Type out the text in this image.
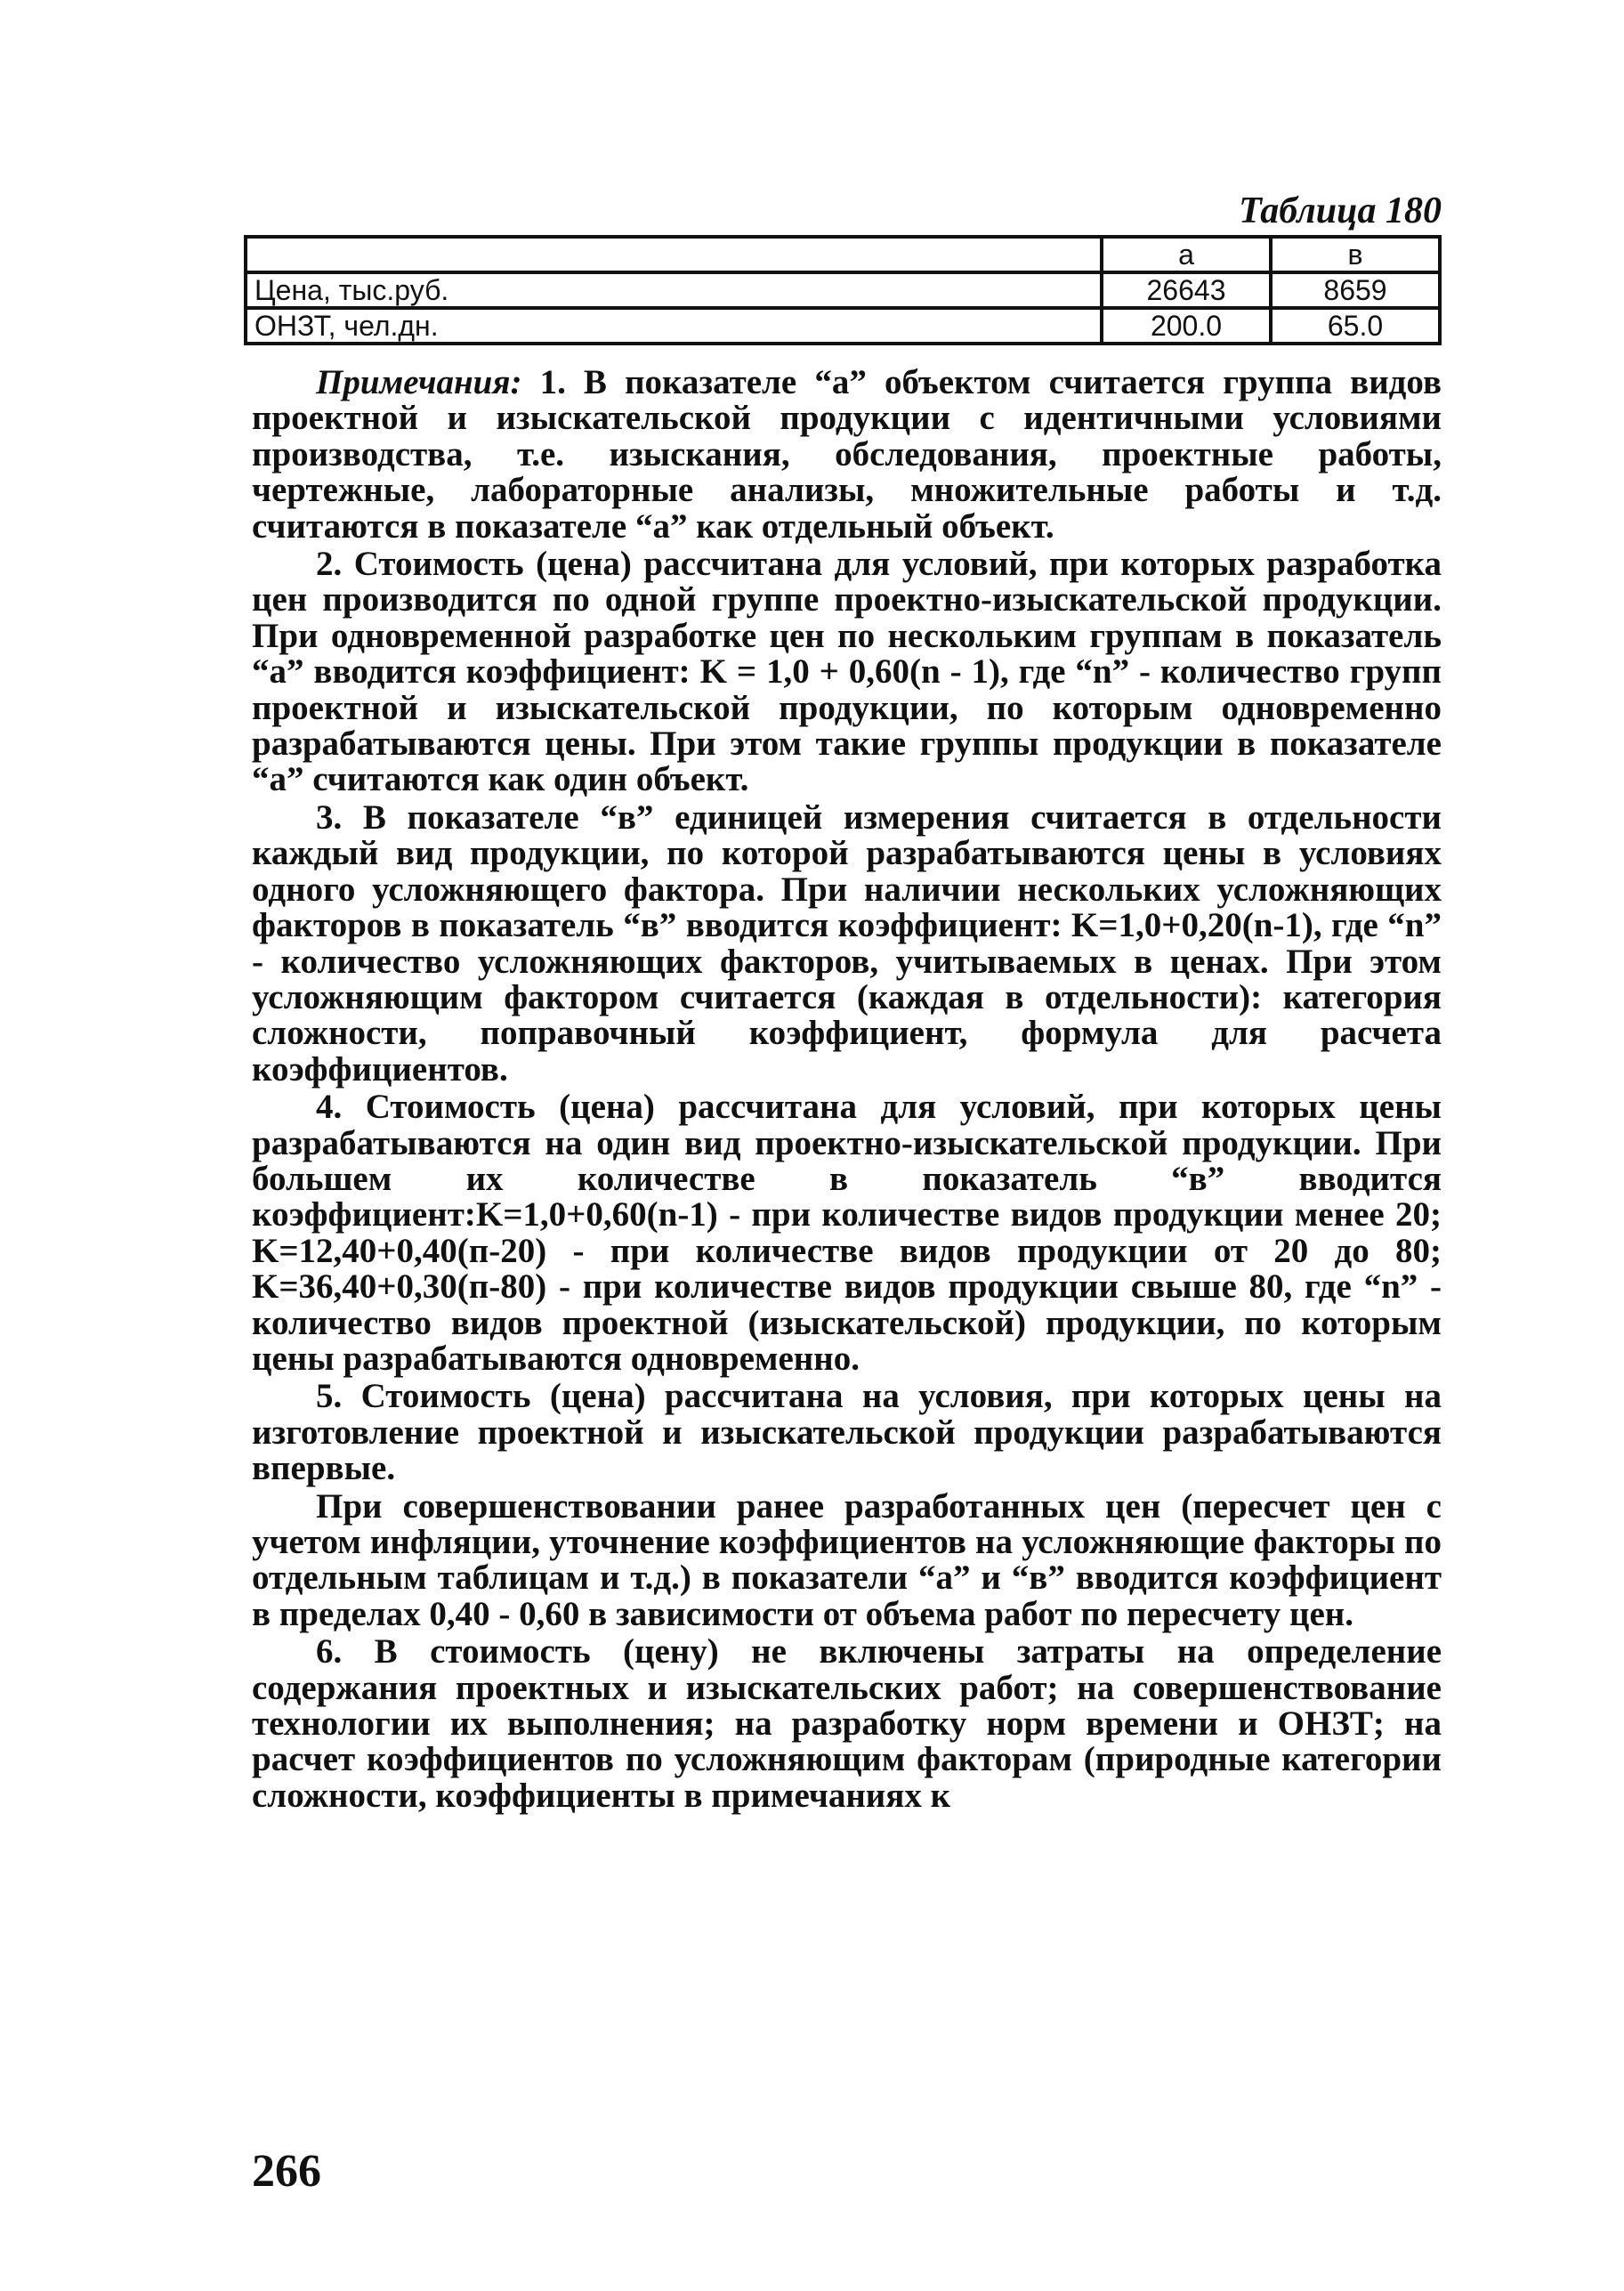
Таблица 180
	а	в
Цена, тыс.руб.	26643	8659
ОНЗТ, чел.дн.	200.0	65.0

Примечания: 1. В показателе “а” объектом считается группа видов проектной и изыскательской продукции с идентичными условиями производства, т.е. изыскания, обследования, проектные работы, чертежные, лабораторные анализы, множительные работы и т.д. считаются в показателе “а” как отдельный объект.

2. Стоимость (цена) рассчитана для условий, при которых разработка цен производится по одной группе проектно-изыскательской продукции. При одновременной разработке цен по нескольким группам в показатель “а” вводится коэффициент: K = 1,0 + 0,60(n - 1), где “n” - количество групп проектной и изыскательской продукции, по которым одновременно разрабатываются цены. При этом такие группы продукции в показателе “а” считаются как один объект.

3. В показателе “в” единицей измерения считается в отдельности каждый вид продукции, по которой разрабатываются цены в условиях одного усложняющего фактора. При наличии нескольких усложняющих факторов в показатель “в” вводится коэффициент: K=1,0+0,20(n-1), где “n” - количество усложняющих факторов, учитываемых в ценах. При этом усложняющим фактором считается (каждая в отдельности): категория сложности, поправочный коэффициент, формула для расчета коэффициентов.

4. Стоимость (цена) рассчитана для условий, при которых цены разрабатываются на один вид проектно-изыскательской продукции. При большем их количестве в показатель “в” вводится коэффициент:K=1,0+0,60(n-1) - при количестве видов продукции менее 20; K=12,40+0,40(п-20) - при количестве видов продукции от 20 до 80; K=36,40+0,30(п-80) - при количестве видов продукции свыше 80, где “n” - количество видов проектной (изыскательской) продукции, по которым цены разрабатываются одновременно.

5. Стоимость (цена) рассчитана на условия, при которых цены на изготовление проектной и изыскательской продукции разрабатываются впервые.

При совершенствовании ранее разработанных цен (пересчет цен с учетом инфляции, уточнение коэффициентов на усложняющие факторы по отдельным таблицам и т.д.) в показатели “а” и “в” вводится коэффициент в пределах 0,40 - 0,60 в зависимости от объема работ по пересчету цен.

6. В стоимость (цену) не включены затраты на определение содержания проектных и изыскательских работ; на совершенствование технологии их выполнения; на разработку норм времени и ОНЗТ; на расчет коэффициентов по усложняющим факторам (природные категории сложности, коэффициенты в примечаниях к

266
